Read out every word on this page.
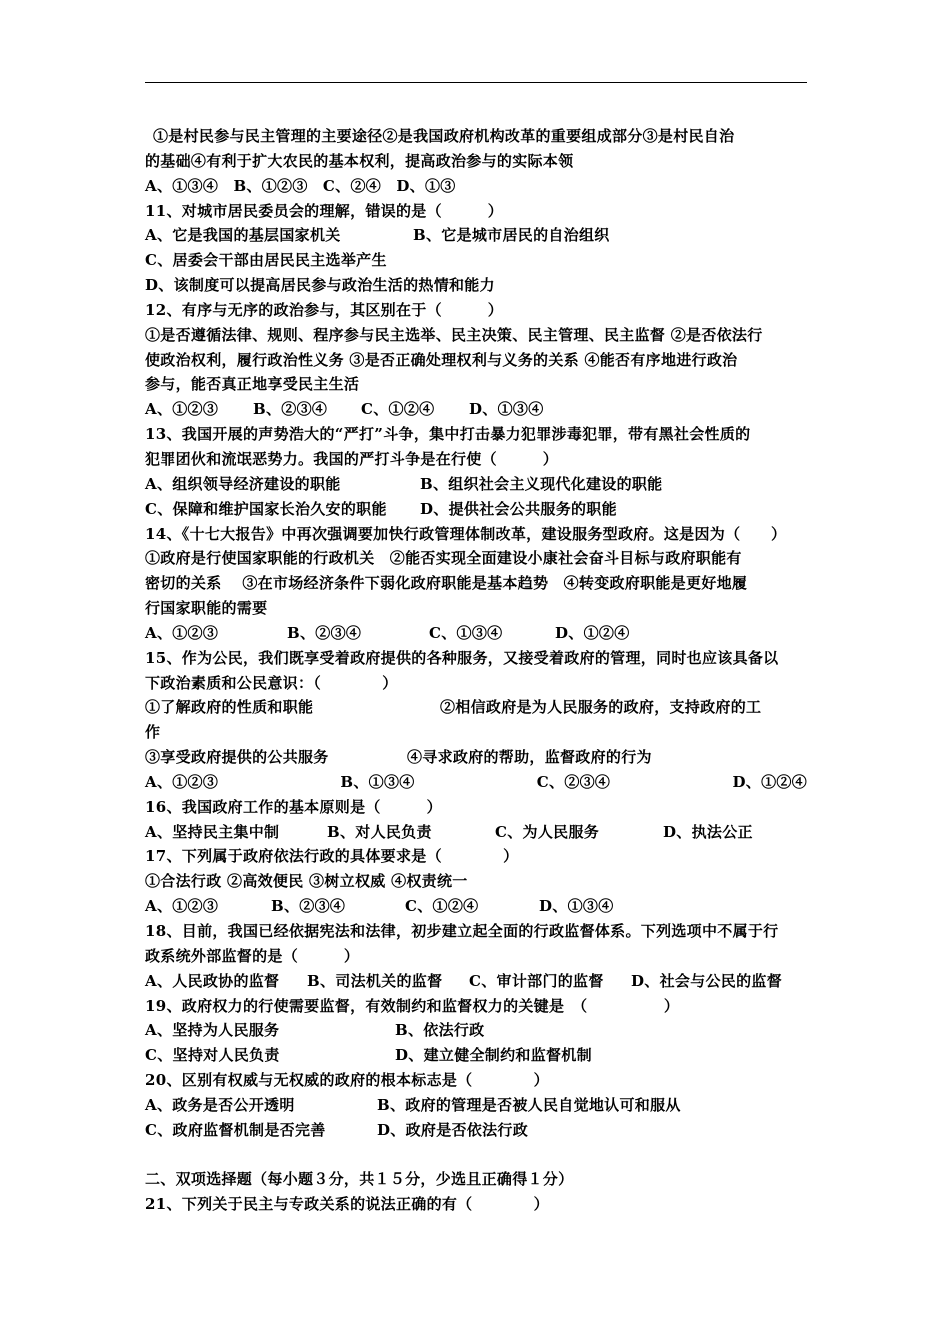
①是村民参与民主管理的主要途径②是我国政府机构改革的重要组成部分③是村民自治
的基础④有利于扩大农民的基本权利，提高政治参与的实际本领
A、①③④　B、①②③　C、②④　D、①③
11、对城市居民委员会的理解，错误的是（　　　）
A、它是我国的基层国家机关	B、它是城市居民的自治组织
C、居委会干部由居民民主选举产生
D、该制度可以提高居民参与政治生活的热情和能力
12、有序与无序的政治参与，其区别在于（　　　）
①是否遵循法律、规则、程序参与民主选举、民主决策、民主管理、民主监督 ②是否依法行
使政治权利，履行政治性义务 ③是否正确处理权利与义务的关系 ④能否有序地进行政治
参与，能否真正地享受民主生活
A、①②③	B、②③④	C、①②④	D、①③④
13、我国开展的声势浩大的“严打”斗争，集中打击暴力犯罪涉毒犯罪，带有黑社会性质的
犯罪团伙和流氓恶势力。我国的严打斗争是在行使（　　　）
A、组织领导经济建设的职能	B、组织社会主义现代化建设的职能
C、保障和维护国家长治久安的职能	D、提供社会公共服务的职能
14、《十七大报告》中再次强调要加快行政管理体制改革，建设服务型政府。这是因为（　　）
①政府是行使国家职能的行政机关　②能否实现全面建设小康社会奋斗目标与政府职能有
密切的关系　 ③在市场经济条件下弱化政府职能是基本趋势　④转变政府职能是更好地履
行国家职能的需要
A、①②③	B、②③④	C、①③④	D、①②④
15、作为公民，我们既享受着政府提供的各种服务，又接受着政府的管理，同时也应该具备以
下政治素质和公民意识：（　　　　）
①了解政府的性质和职能	②相信政府是为人民服务的政府，支持政府的工
作
③享受政府提供的公共服务	④寻求政府的帮助，监督政府的行为
A、①②③	B、①③④	C、②③④	D、①②④
16、我国政府工作的基本原则是（　　　）
A、坚持民主集中制	B、对人民负责	C、为人民服务	D、执法公正
17、下列属于政府依法行政的具体要求是（　　　　）
①合法行政 ②高效便民 ③树立权威 ④权责统一
A、①②③	B、②③④	C、①②④	D、①③④
18、目前，我国已经依据宪法和法律，初步建立起全面的行政监督体系。下列选项中不属于行
政系统外部监督的是（　　　）
A、人民政协的监督	B、司法机关的监督	C、审计部门的监督	D、社会与公民的监督
19、政府权力的行使需要监督，有效制约和监督权力的关键是　（　　　　　）
A、坚持为人民服务	B、依法行政
C、坚持对人民负责	D、建立健全制约和监督机制
20、区别有权威与无权威的政府的根本标志是（　　　　）
A、政务是否公开透明	B、政府的管理是否被人民自觉地认可和服从
C、政府监督机制是否完善	D、政府是否依法行政
二、双项选择题（每小题３分，共１５分，少选且正确得１分）
21、下列关于民主与专政关系的说法正确的有（　　　　）
